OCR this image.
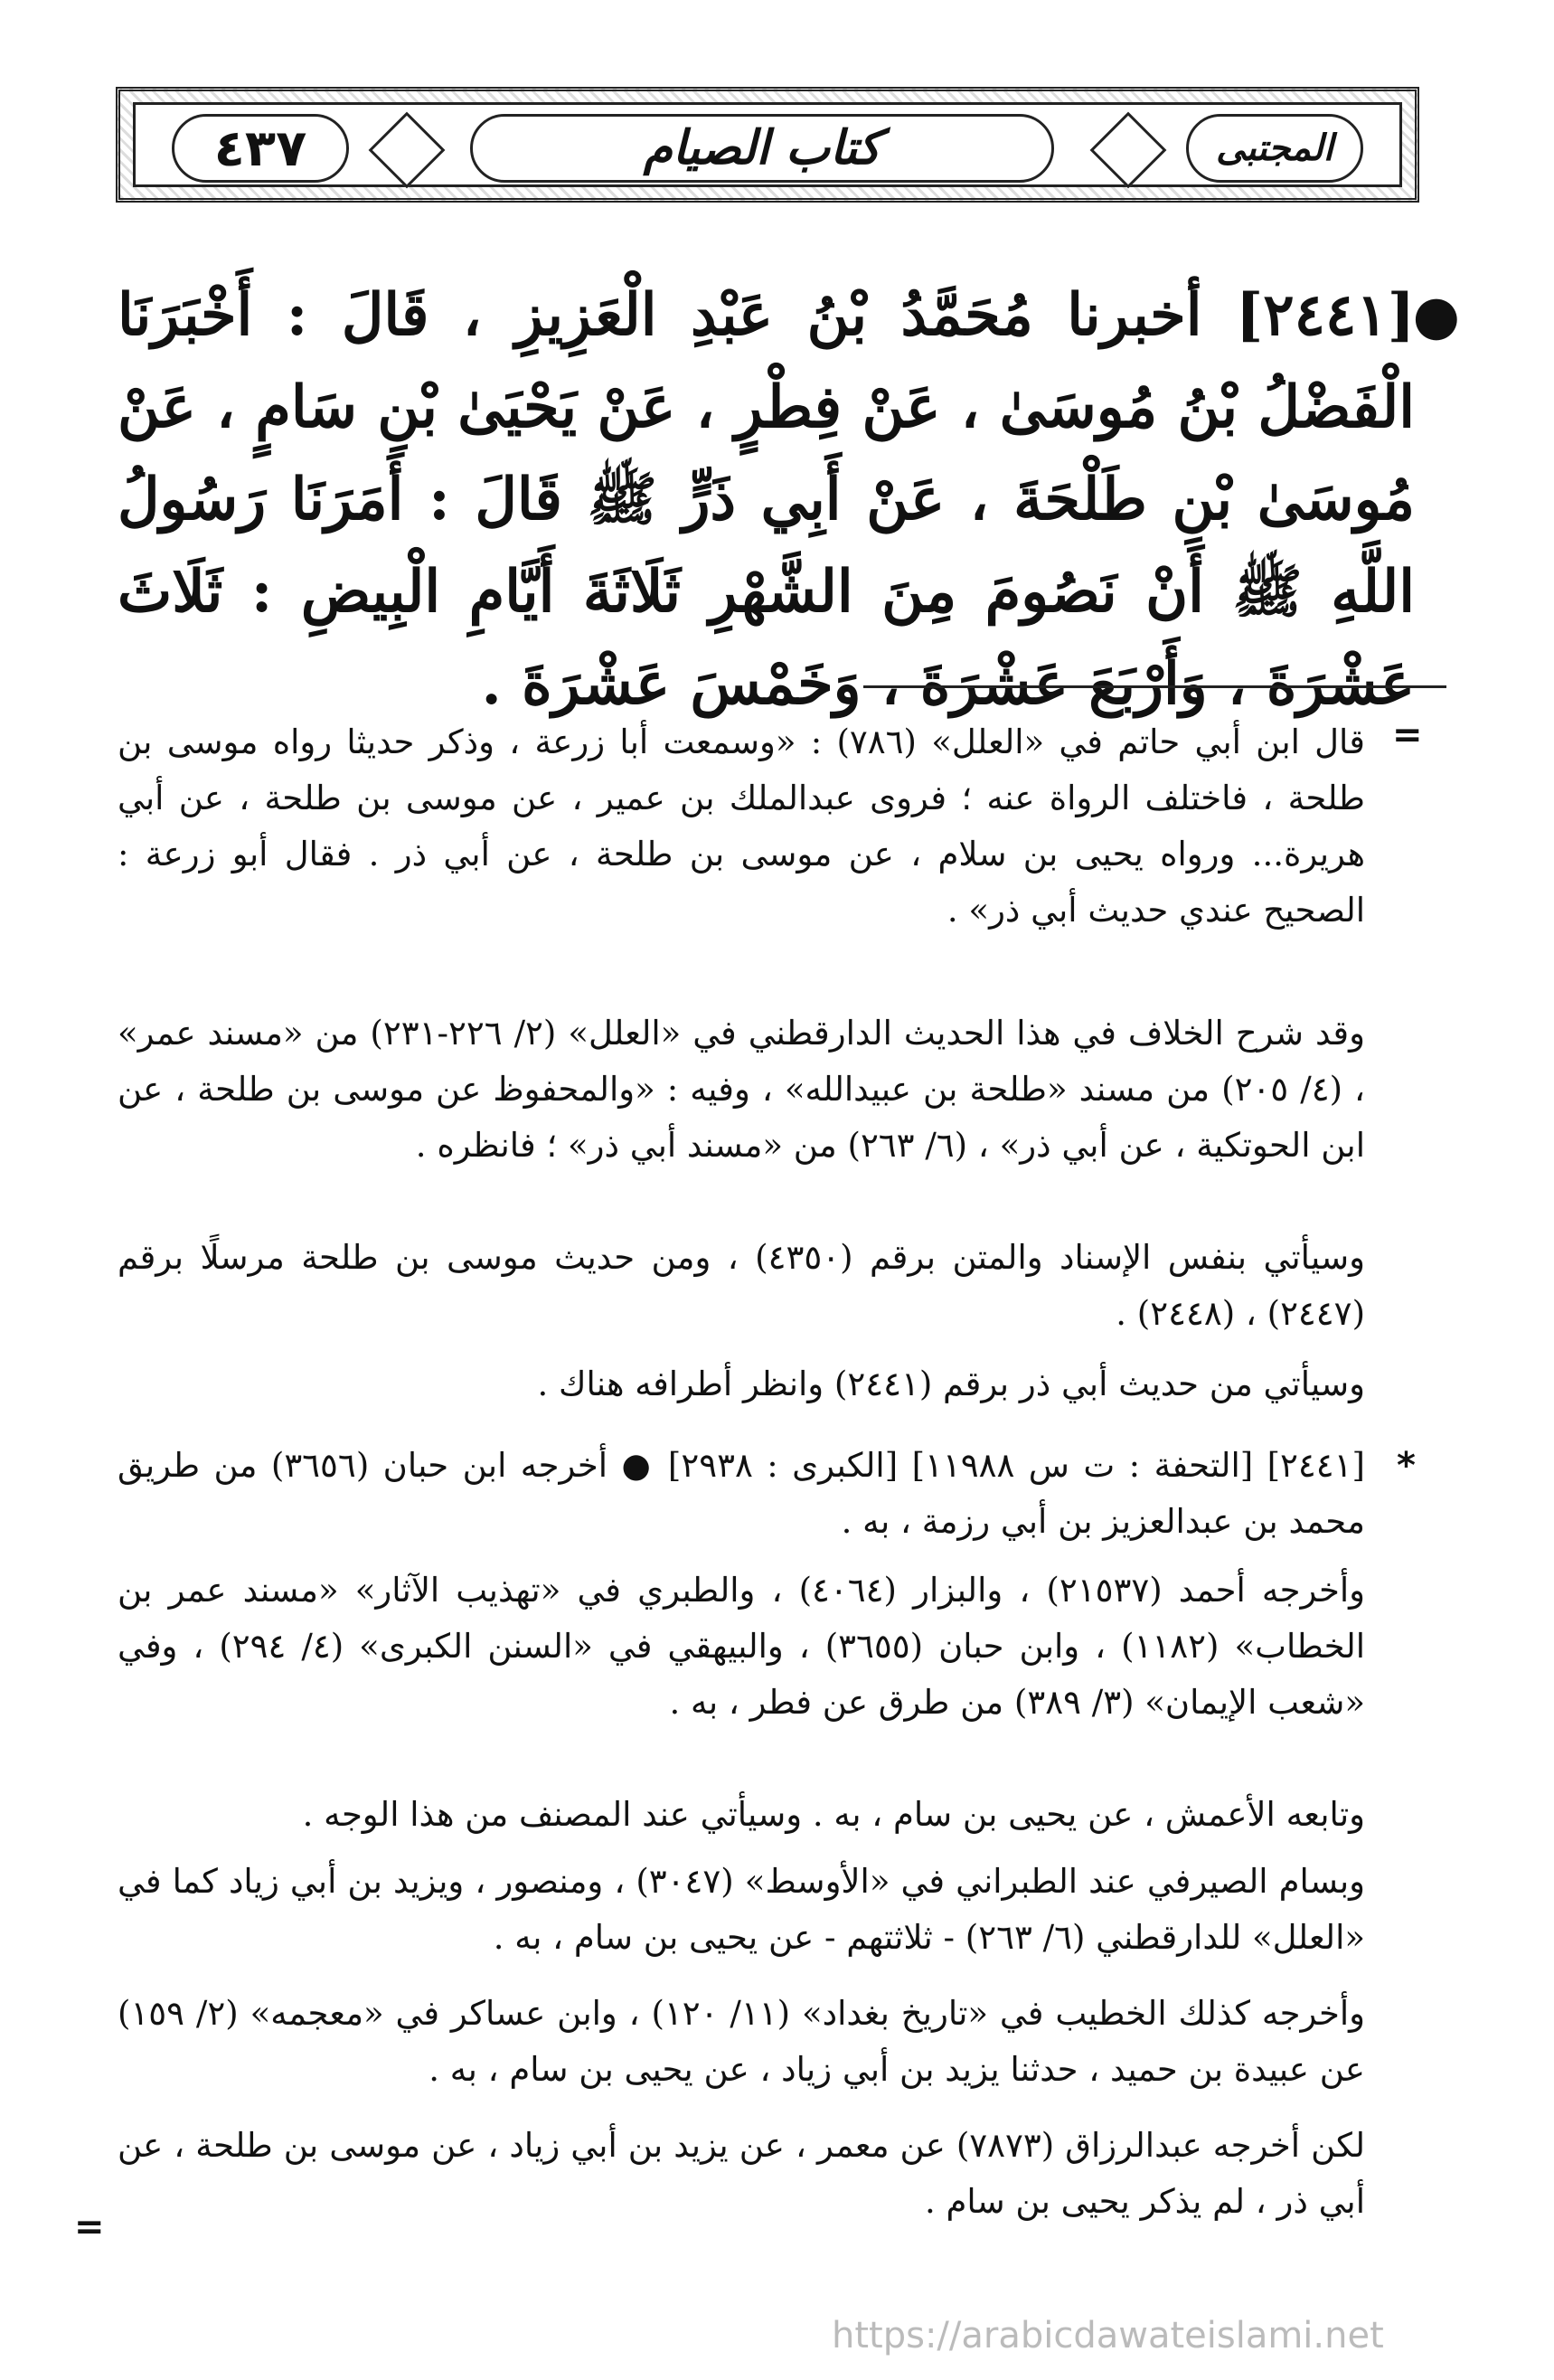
٤٣٧	كتاب الصيام	المجتبى
●
[٢٤٤١] أخبرنا مُحَمَّدُ بْنُ عَبْدِ الْعَزِيزِ ، قَالَ : أَخْبَرَنَا الْفَضْلُ بْنُ مُوسَىٰ ، عَنْ فِطْرٍ ، عَنْ يَحْيَىٰ بْنِ سَامٍ ، عَنْ مُوسَىٰ بْنِ طَلْحَةَ ، عَنْ أَبِي ذَرٍّ ﷺ قَالَ : أَمَرَنَا رَسُولُ اللَّهِ ﷺ أَنْ نَصُومَ مِنَ الشَّهْرِ ثَلَاثَةَ أَيَّامِ الْبِيضِ : ثَلَاثَ عَشْرَةَ ، وَأَرْبَعَ عَشْرَةَ ، وَخَمْسَ عَشْرَةَ .
=
قال ابن أبي حاتم في «العلل» (٧٨٦) : «وسمعت أبا زرعة ، وذكر حديثا رواه موسى بن طلحة ، فاختلف الرواة عنه ؛ فروى عبدالملك بن عمير ، عن موسى بن طلحة ، عن أبي هريرة... ورواه يحيى بن سلام ، عن موسى بن طلحة ، عن أبي ذر . فقال أبو زرعة : الصحيح عندي حديث أبي ذر» .
وقد شرح الخلاف في هذا الحديث الدارقطني في «العلل» (٢/ ٢٢٦-٢٣١) من «مسند عمر» ، (٤/ ٢٠٥) من مسند «طلحة بن عبيدالله» ، وفيه : «والمحفوظ عن موسى بن طلحة ، عن ابن الحوتكية ، عن أبي ذر» ، (٦/ ٢٦٣) من «مسند أبي ذر» ؛ فانظره .
وسيأتي بنفس الإسناد والمتن برقم (٤٣٥٠) ، ومن حديث موسى بن طلحة مرسلًا برقم (٢٤٤٧) ، (٢٤٤٨) .
وسيأتي من حديث أبي ذر برقم (٢٤٤١) وانظر أطرافه هناك .
*
[٢٤٤١] [التحفة : ت س ١١٩٨٨] [الكبرى : ٢٩٣٨] ● أخرجه ابن حبان (٣٦٥٦) من طريق محمد بن عبدالعزيز بن أبي رزمة ، به .
وأخرجه أحمد (٢١٥٣٧) ، والبزار (٤٠٦٤) ، والطبري في «تهذيب الآثار» «مسند عمر بن الخطاب» (١١٨٢) ، وابن حبان (٣٦٥٥) ، والبيهقي في «السنن الكبرى» (٤/ ٢٩٤) ، وفي «شعب الإيمان» (٣/ ٣٨٩) من طرق عن فطر ، به .
وتابعه الأعمش ، عن يحيى بن سام ، به . وسيأتي عند المصنف من هذا الوجه .
وبسام الصيرفي عند الطبراني في «الأوسط» (٣٠٤٧) ، ومنصور ، ويزيد بن أبي زياد كما في «العلل» للدارقطني (٦/ ٢٦٣) - ثلاثتهم - عن يحيى بن سام ، به .
وأخرجه كذلك الخطيب في «تاريخ بغداد» (١١/ ١٢٠) ، وابن عساكر في «معجمه» (٢/ ١٥٩) عن عبيدة بن حميد ، حدثنا يزيد بن أبي زياد ، عن يحيى بن سام ، به .
لكن أخرجه عبدالرزاق (٧٨٧٣) عن معمر ، عن يزيد بن أبي زياد ، عن موسى بن طلحة ، عن أبي ذر ، لم يذكر يحيى بن سام .
=
https://arabicdawateislami.net
